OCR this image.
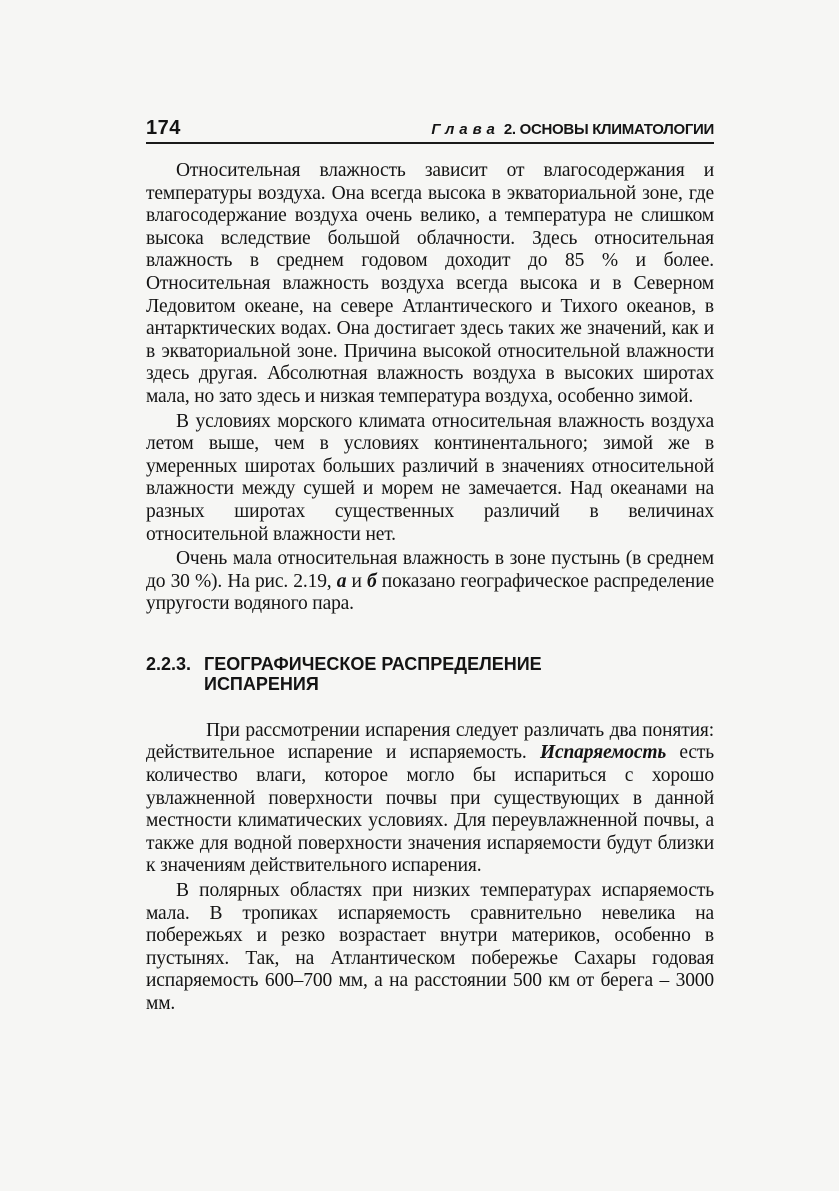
174	Глава 2. ОСНОВЫ КЛИМАТОЛОГИИ

Относительная влажность зависит от влагосодержания и температуры воздуха. Она всегда высока в экваториальной зоне, где влагосодержание воздуха очень велико, а температура не слишком высока вследствие большой облачности. Здесь относительная влажность в среднем годовом доходит до 85 % и более. Относительная влажность воздуха всегда высока и в Северном Ледовитом океане, на севере Атлантического и Тихого океанов, в антарктических водах. Она достигает здесь таких же значений, как и в экваториальной зоне. Причина высокой относительной влажности здесь другая. Абсолютная влажность воздуха в высоких широтах мала, но зато здесь и низкая температура воздуха, особенно зимой.

В условиях морского климата относительная влажность воздуха летом выше, чем в условиях континентального; зимой же в умеренных широтах больших различий в значениях относительной влажности между сушей и морем не замечается. Над океанами на разных широтах существенных различий в величинах относительной влажности нет.

Очень мала относительная влажность в зоне пустынь (в среднем до 30 %). На рис. 2.19, а и б показано географическое распределение упругости водяного пара.

2.2.3. ГЕОГРАФИЧЕСКОЕ РАСПРЕДЕЛЕНИЕ ИСПАРЕНИЯ

При рассмотрении испарения следует различать два понятия: действительное испарение и испаряемость. Испаряемость есть количество влаги, которое могло бы испариться с хорошо увлажненной поверхности почвы при существующих в данной местности климатических условиях. Для переувлажненной почвы, а также для водной поверхности значения испаряемости будут близки к значениям действительного испарения.

В полярных областях при низких температурах испаряемость мала. В тропиках испаряемость сравнительно невелика на побережьях и резко возрастает внутри материков, особенно в пустынях. Так, на Атлантическом побережье Сахары годовая испаряемость 600–700 мм, а на расстоянии 500 км от берега – 3000 мм.
